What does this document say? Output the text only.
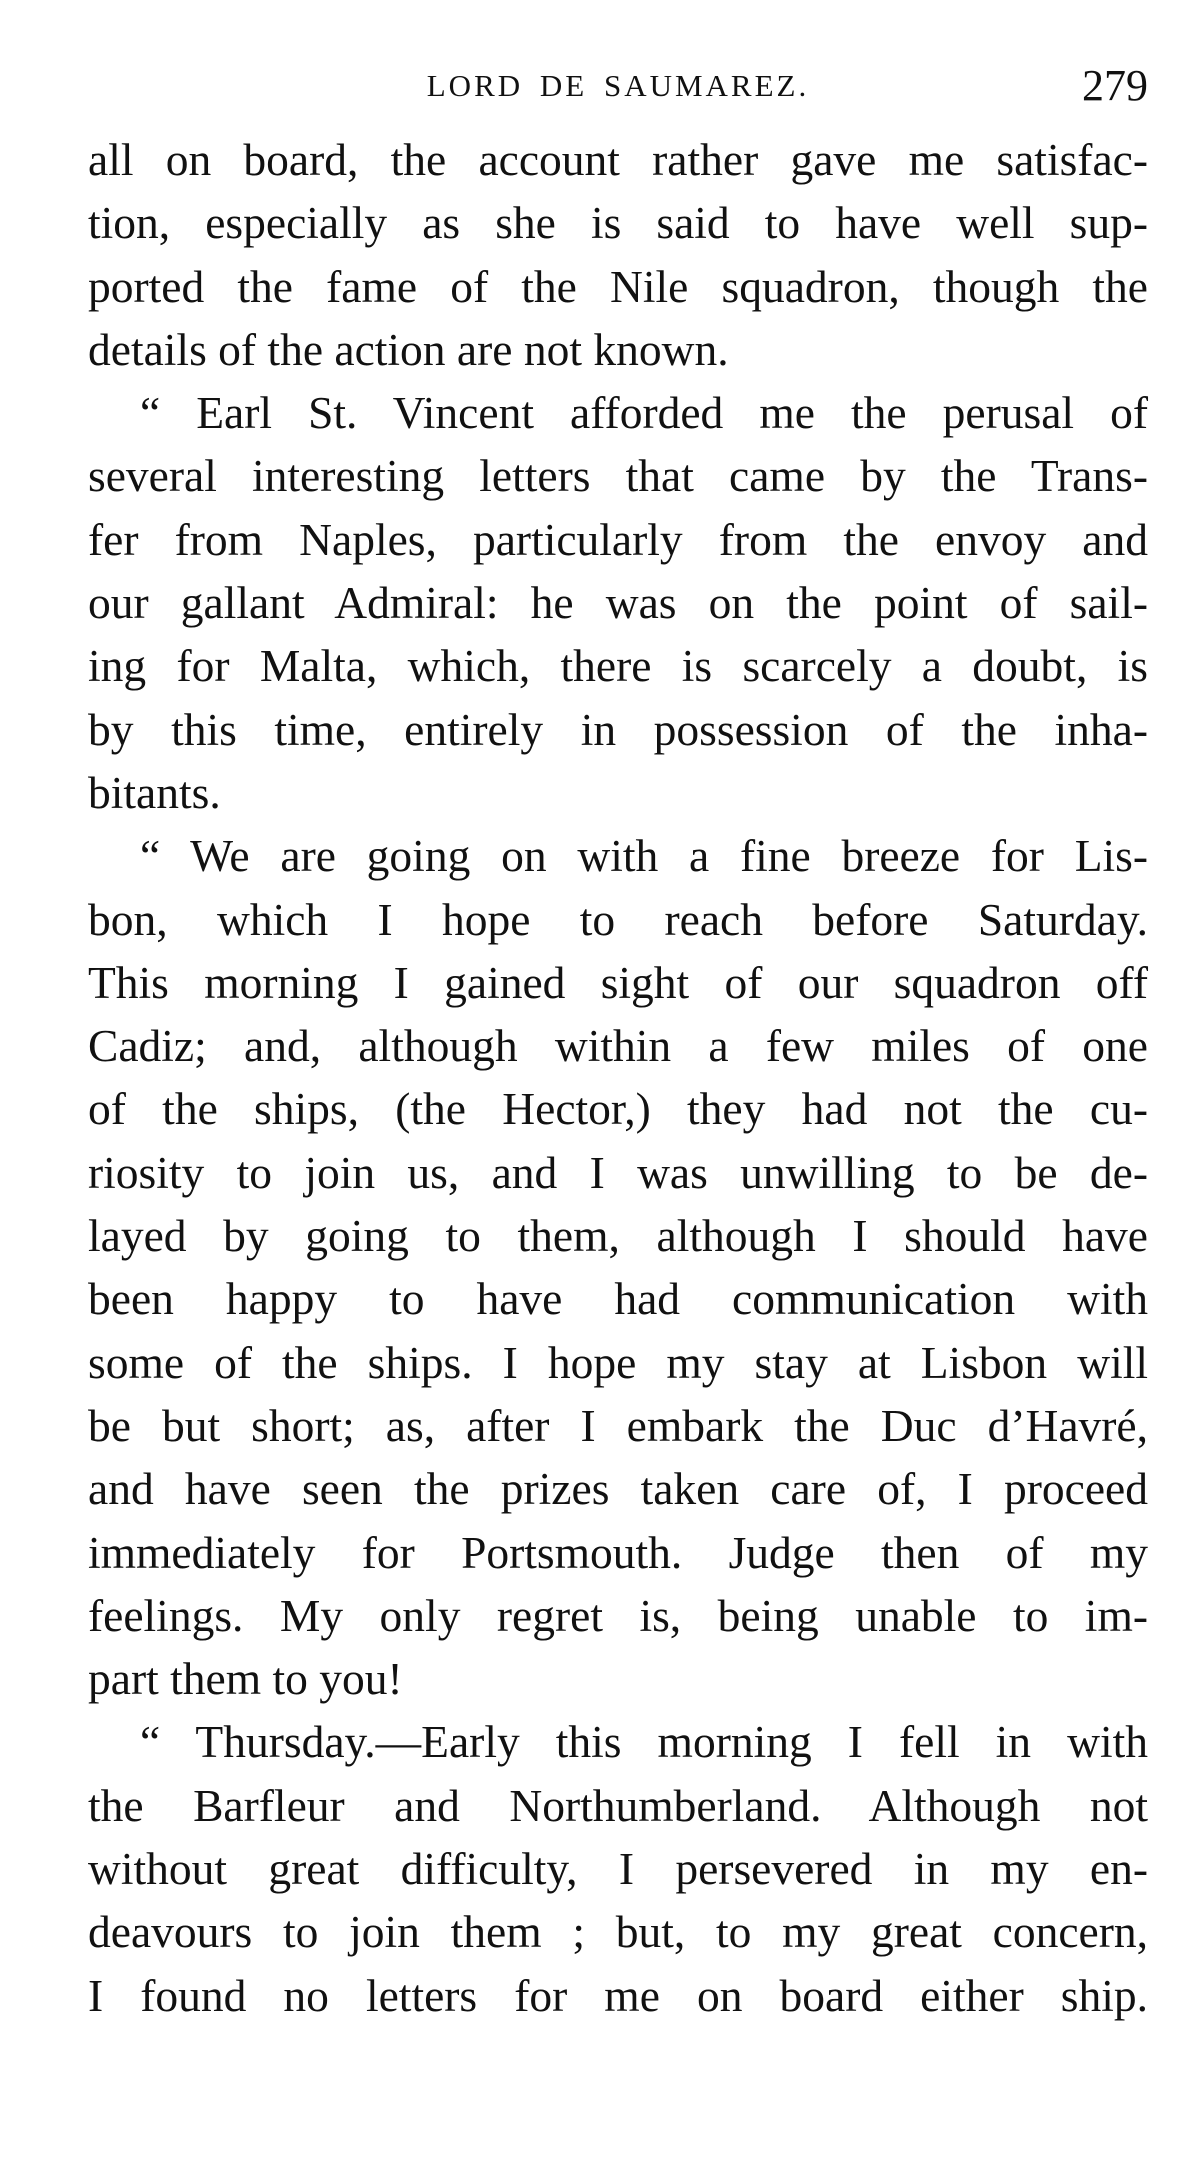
LORD DE SAUMAREZ.	279
all on board, the account rather gave me satisfac-
tion, especially as she is said to have well sup-
ported the fame of the Nile squadron, though the
details of the action are not known.
“ Earl St. Vincent afforded me the perusal of
several interesting letters that came by the Trans-
fer from Naples, particularly from the envoy and
our gallant Admiral: he was on the point of sail-
ing for Malta, which, there is scarcely a doubt, is
by this time, entirely in possession of the inha-
bitants.
“ We are going on with a fine breeze for Lis-
bon, which I hope to reach before Saturday.
This morning I gained sight of our squadron off
Cadiz; and, although within a few miles of one
of the ships, (the Hector,) they had not the cu-
riosity to join us, and I was unwilling to be de-
layed by going to them, although I should have
been happy to have had communication with
some of the ships. I hope my stay at Lisbon will
be but short; as, after I embark the Duc d’Havré,
and have seen the prizes taken care of, I proceed
immediately for Portsmouth. Judge then of my
feelings. My only regret is, being unable to im-
part them to you!
“ Thursday.—Early this morning I fell in with
the Barfleur and Northumberland. Although not
without great difficulty, I persevered in my en-
deavours to join them ; but, to my great concern,
I found no letters for me on board either ship.
